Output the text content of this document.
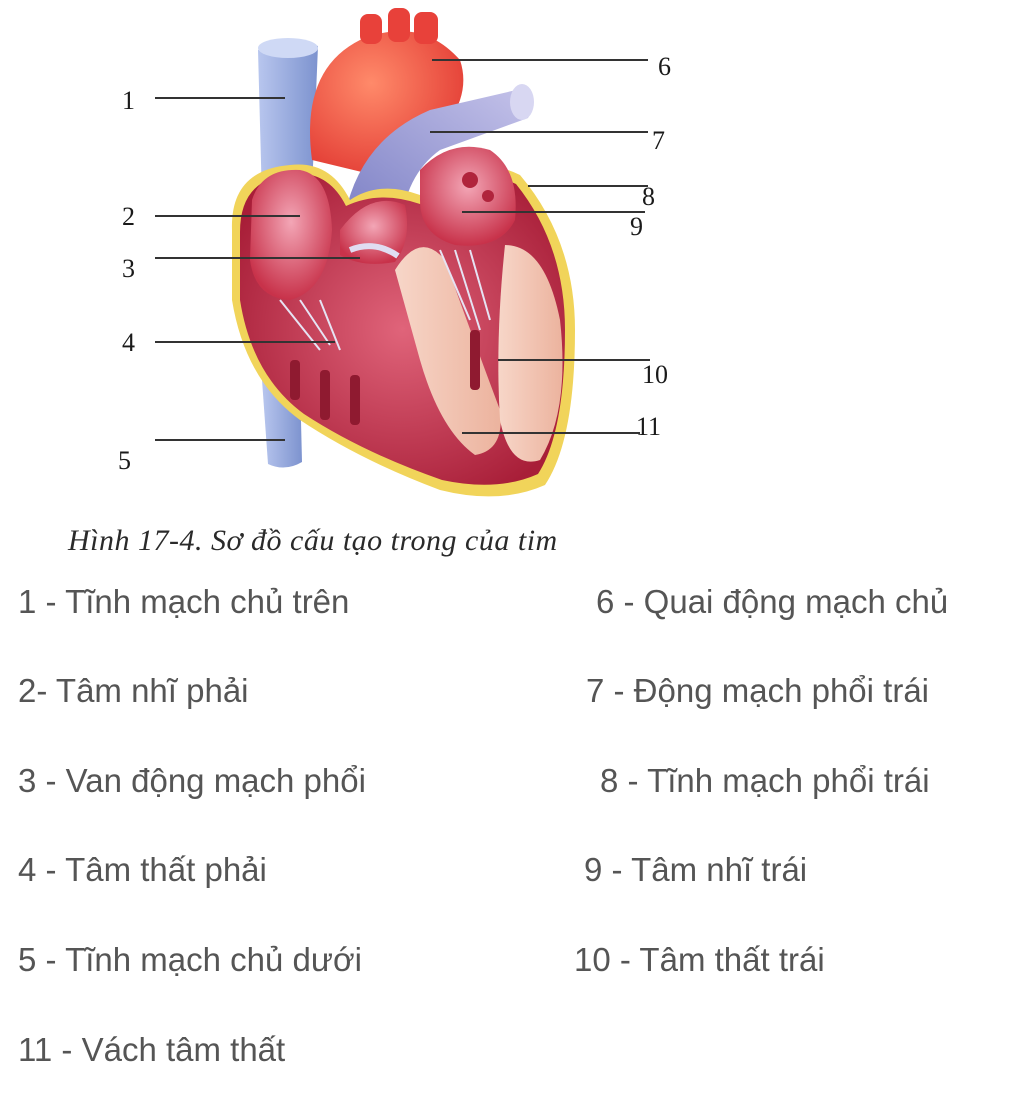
1
2
3
4
5
6
7
8
9
10
11
Hình 17-4. Sơ đồ cấu tạo trong của tim
1 - Tĩnh mạch chủ trên
2- Tâm nhĩ phải
3 - Van động mạch phổi
4 - Tâm thất phải
5 - Tĩnh mạch chủ dưới
6 - Quai động mạch chủ
7 - Động mạch phổi trái
8 - Tĩnh mạch phổi trái
9 - Tâm nhĩ trái
10 - Tâm thất trái
11 - Vách tâm thất
